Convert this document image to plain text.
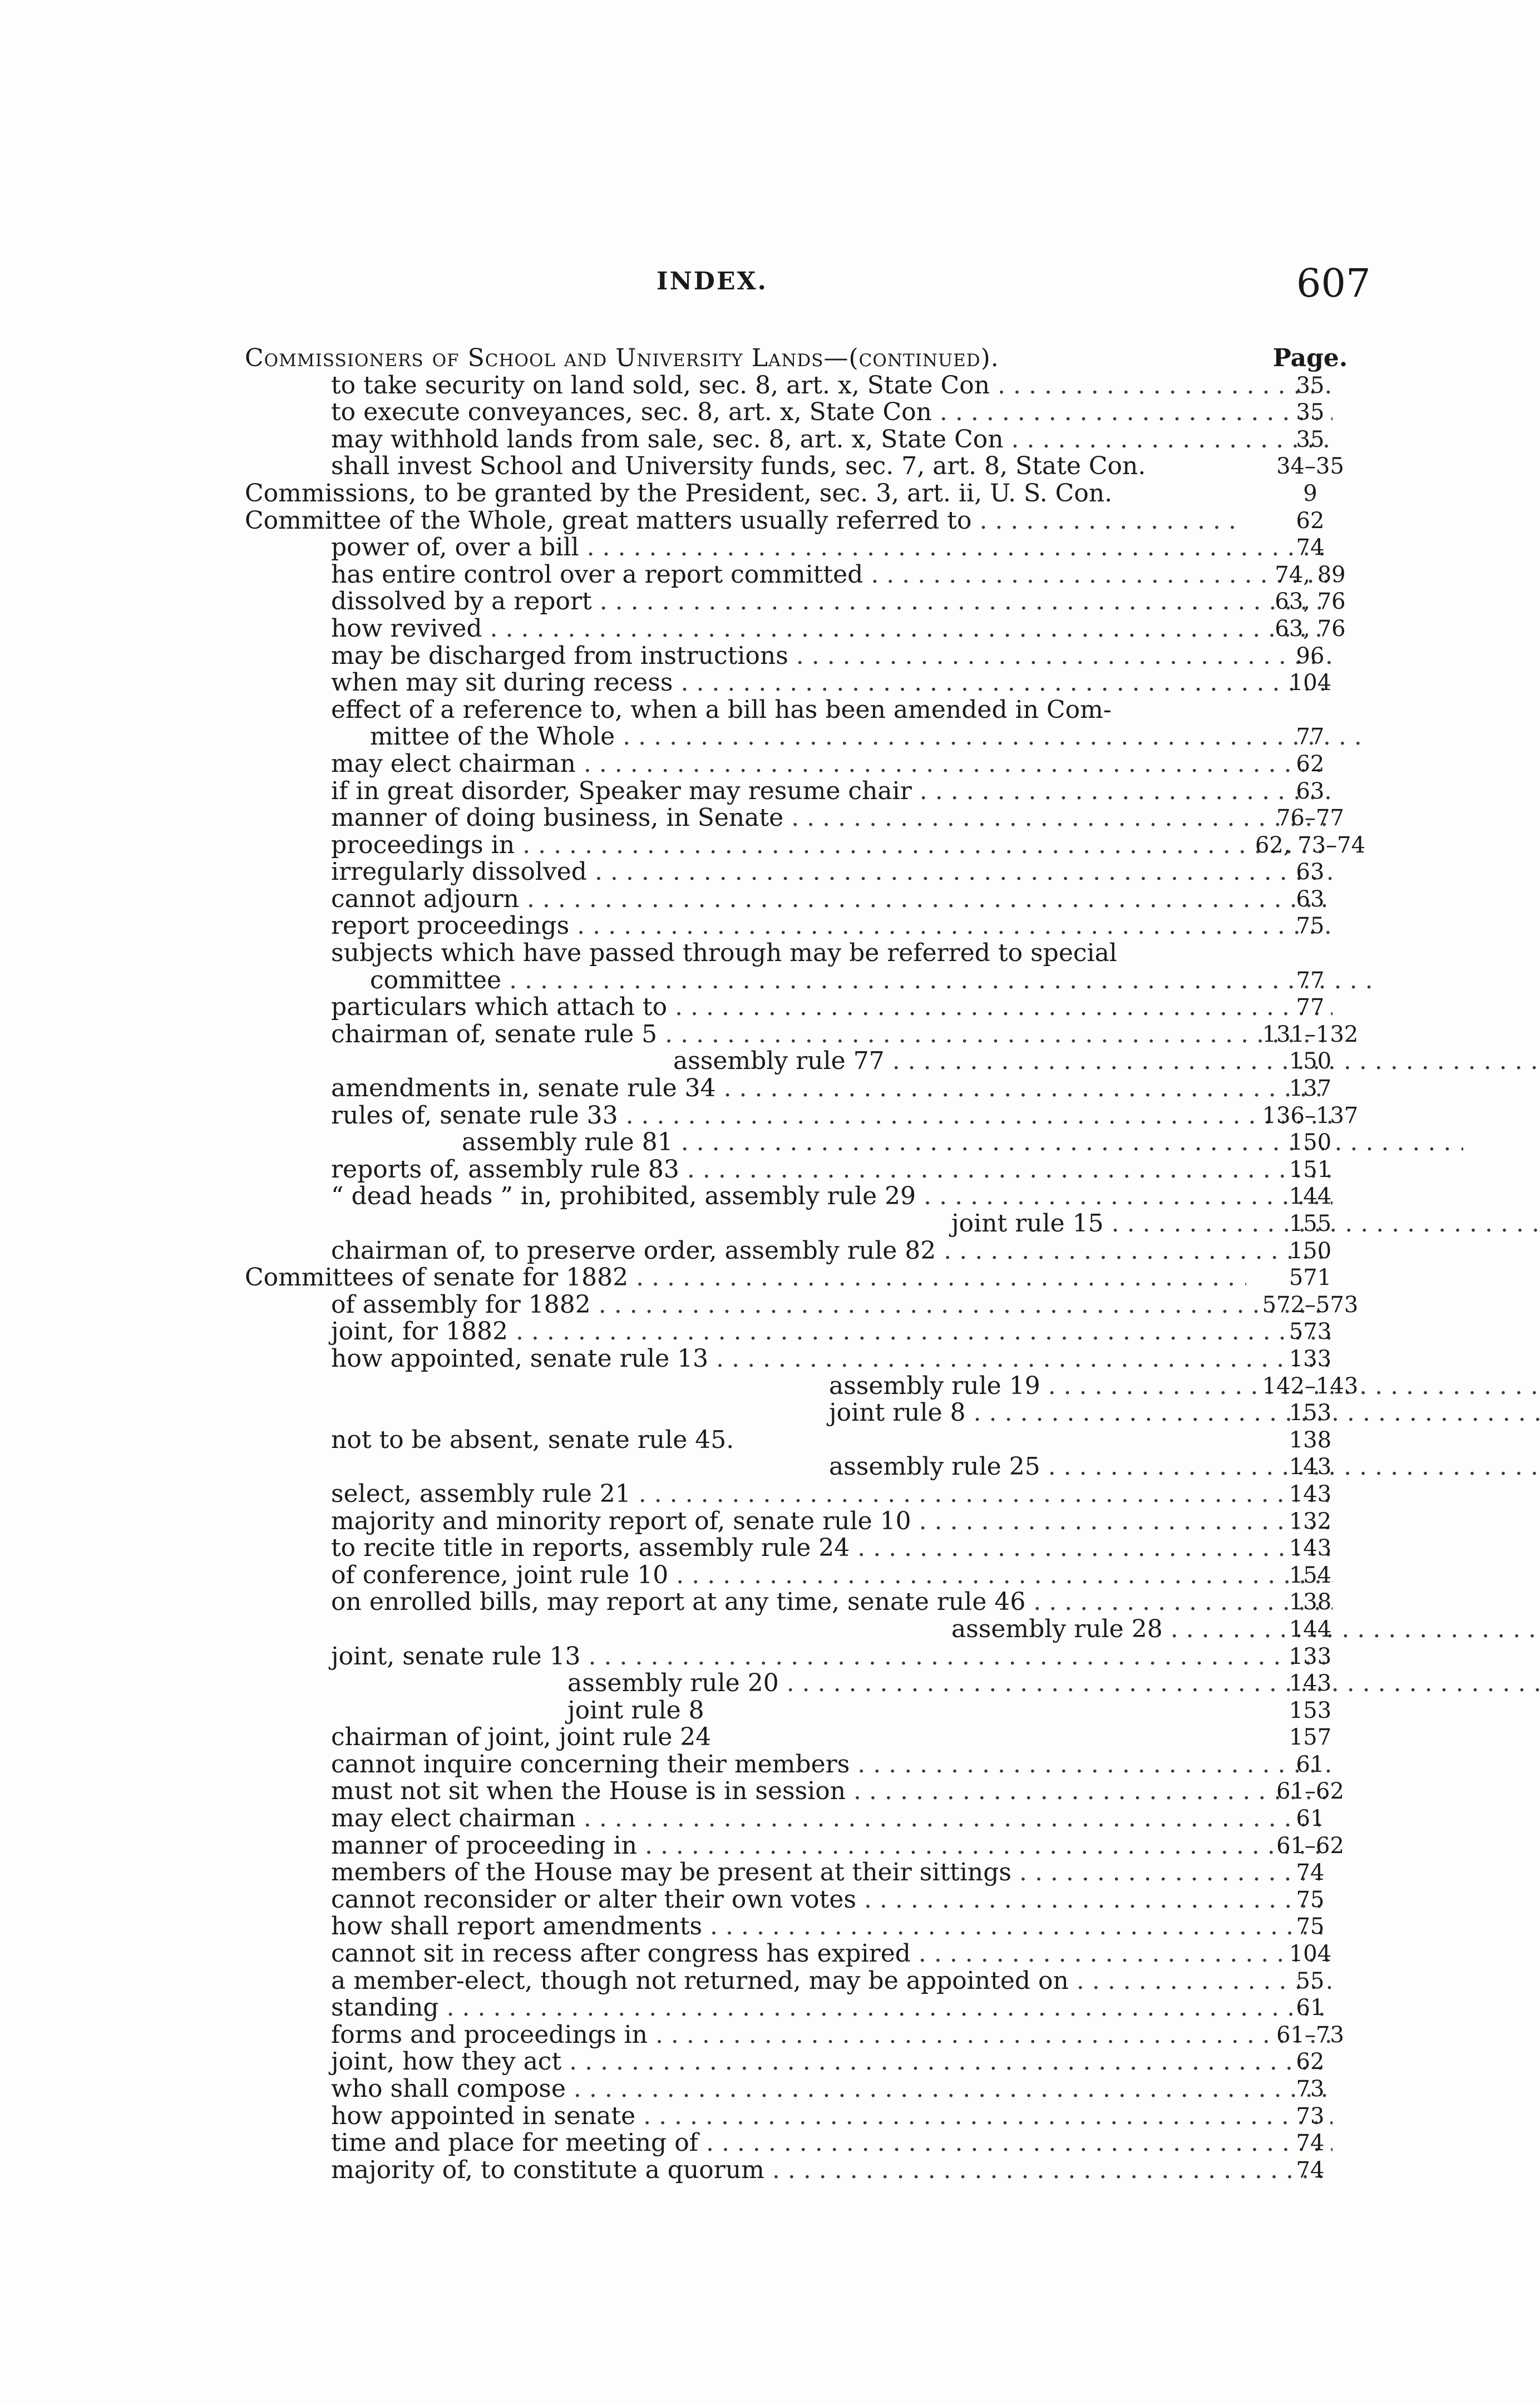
INDEX.	607
Commissioners of School and University Lands—(continued).	Page.
to take security on land sold, sec. 8, art. x, State Con . . .	35
to execute conveyances, sec. 8, art. x, State Con . . .	35
may withhold lands from sale, sec. 8, art. x, State Con . . .	35
shall invest School and University funds, sec. 7, art. 8, State Con.	34–35
Commissions, to be granted by the President, sec. 3, art. ii, U. S. Con.	9
Committee of the Whole, great matters usually referred to . . .	62
power of, over a bill . . .	74
has entire control over a report committed . . .	74, 89
dissolved by a report . . .	63, 76
how revived . . .	63, 76
may be discharged from instructions . . .	96
when may sit during recess . . .	104
effect of a reference to, when a bill has been amended in Com-
mittee of the Whole . . .	77
may elect chairman . . .	62
if in great disorder, Speaker may resume chair . . .	63
manner of doing business, in Senate . . .	76–77
proceedings in . . .	62, 73–74
irregularly dissolved . . .	63
cannot adjourn . . .	63
report proceedings . . .	75
subjects which have passed through may be referred to special
committee . . .	77
particulars which attach to . . .	77
chairman of, senate rule 5 . . .	131–132
assembly rule 77 . . .	150
amendments in, senate rule 34 . . .	137
rules of, senate rule 33 . . .	136–137
assembly rule 81 . . .	150
reports of, assembly rule 83 . . .	151
“ dead heads ” in, prohibited, assembly rule 29 . . .	144
joint rule 15 . . .	155
chairman of, to preserve order, assembly rule 82 . . .	150
Committees of senate for 1882 . . .	571
of assembly for 1882 . . .	572–573
joint, for 1882 . . .	573
how appointed, senate rule 13 . . .	133
assembly rule 19 . . .	142–143
joint rule 8 . . .	153
not to be absent, senate rule 45.	138
assembly rule 25 . . .	143
select, assembly rule 21 . . .	143
majority and minority report of, senate rule 10 . . .	132
to recite title in reports, assembly rule 24 . . .	143
of conference, joint rule 10 . . .	154
on enrolled bills, may report at any time, senate rule 46 . . .	138
assembly rule 28 . . .	144
joint, senate rule 13 . . .	133
assembly rule 20 . . .	143
joint rule 8	153
chairman of joint, joint rule 24	157
cannot inquire concerning their members . . .	61
must not sit when the House is in session . . .	61–62
may elect chairman . . .	61
manner of proceeding in . . .	61–62
members of the House may be present at their sittings . . .	74
cannot reconsider or alter their own votes . . .	75
how shall report amendments . . .	75
cannot sit in recess after congress has expired . . .	104
a member-elect, though not returned, may be appointed on . . .	55
standing . . .	61
forms and proceedings in . . .	61–73
joint, how they act . . .	62
who shall compose . . .	73
how appointed in senate . . .	73
time and place for meeting of . . .	74
majority of, to constitute a quorum . . .	74
